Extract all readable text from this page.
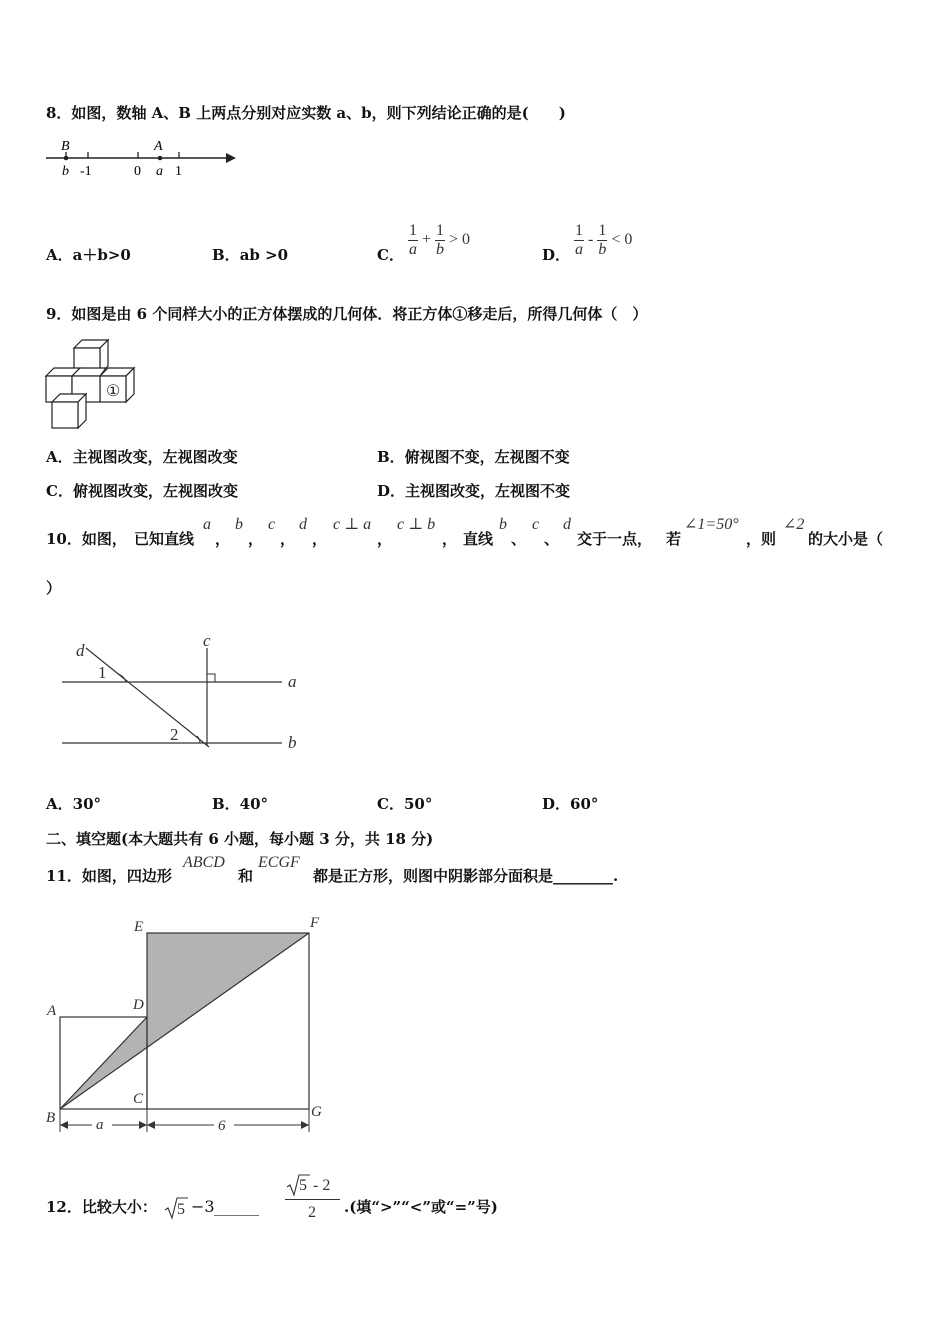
8．如图，数轴 A、B 上两点分别对应实数 a、b，则下列结论正确的是(　　)
B	A
b -1	0 a 1
A．a＋b>0	B．ab >0	C． $\frac{1}{a} + \frac{1}{b} > 0$
D． $\frac{1}{a} - \frac{1}{b} < 0$
9．如图是由 6 个同样大小的正方体摆成的几何体．将正方体①移走后，所得几何体（　）
①
A．主视图改变，左视图改变	B．俯视图不变，左视图不变
C．俯视图改变，左视图改变	D．主视图改变，左视图不变
10．如图， 已知直线
a
，
b
，
c
，
d
，
c ⊥ a
，
c ⊥ b
， 直线
b
、
c
、
d
交于一点， 若
∠1=50°
，则
∠2
的大小是（
）
d
c
a
b
1
2
A．30°	B．40°	C．50°	D．60°
二、填空题(本大题共有 6 小题，每小题 3 分，共 18 分)
11．如图，四边形
ABCD
和
ECGF
都是正方形，则图中阴影部分面积是________.
E	F
A	D
B
C
G
a	6
12．比较大小： 5 −3 ______
5 - 2
2 .(填“>”“<”或“=”号)
